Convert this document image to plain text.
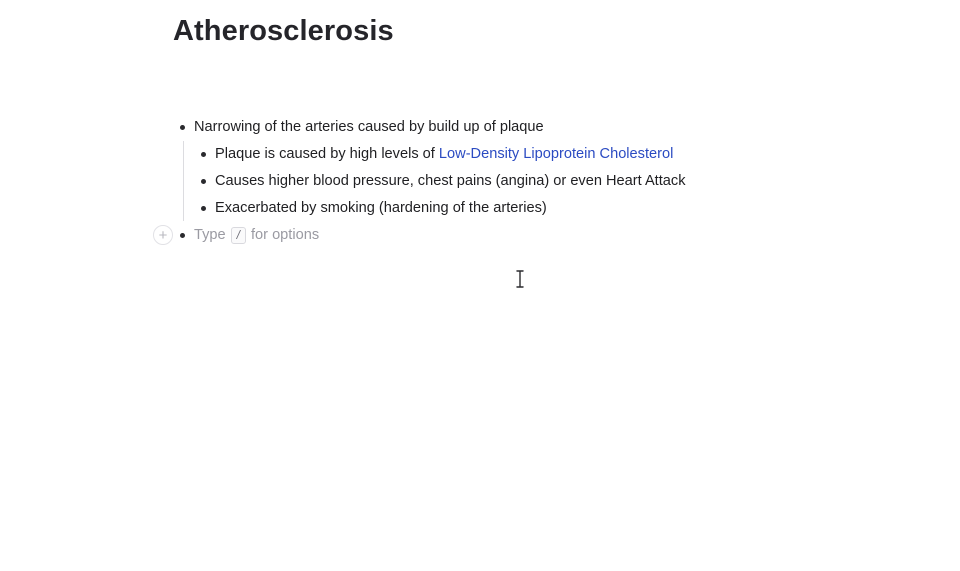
Atherosclerosis
Narrowing of the arteries caused by build up of plaque
Plaque is caused by high levels of Low-Density Lipoprotein Cholesterol
Causes higher blood pressure, chest pains (angina) or even Heart Attack
Exacerbated by smoking (hardening of the arteries)
+ Type / for options
